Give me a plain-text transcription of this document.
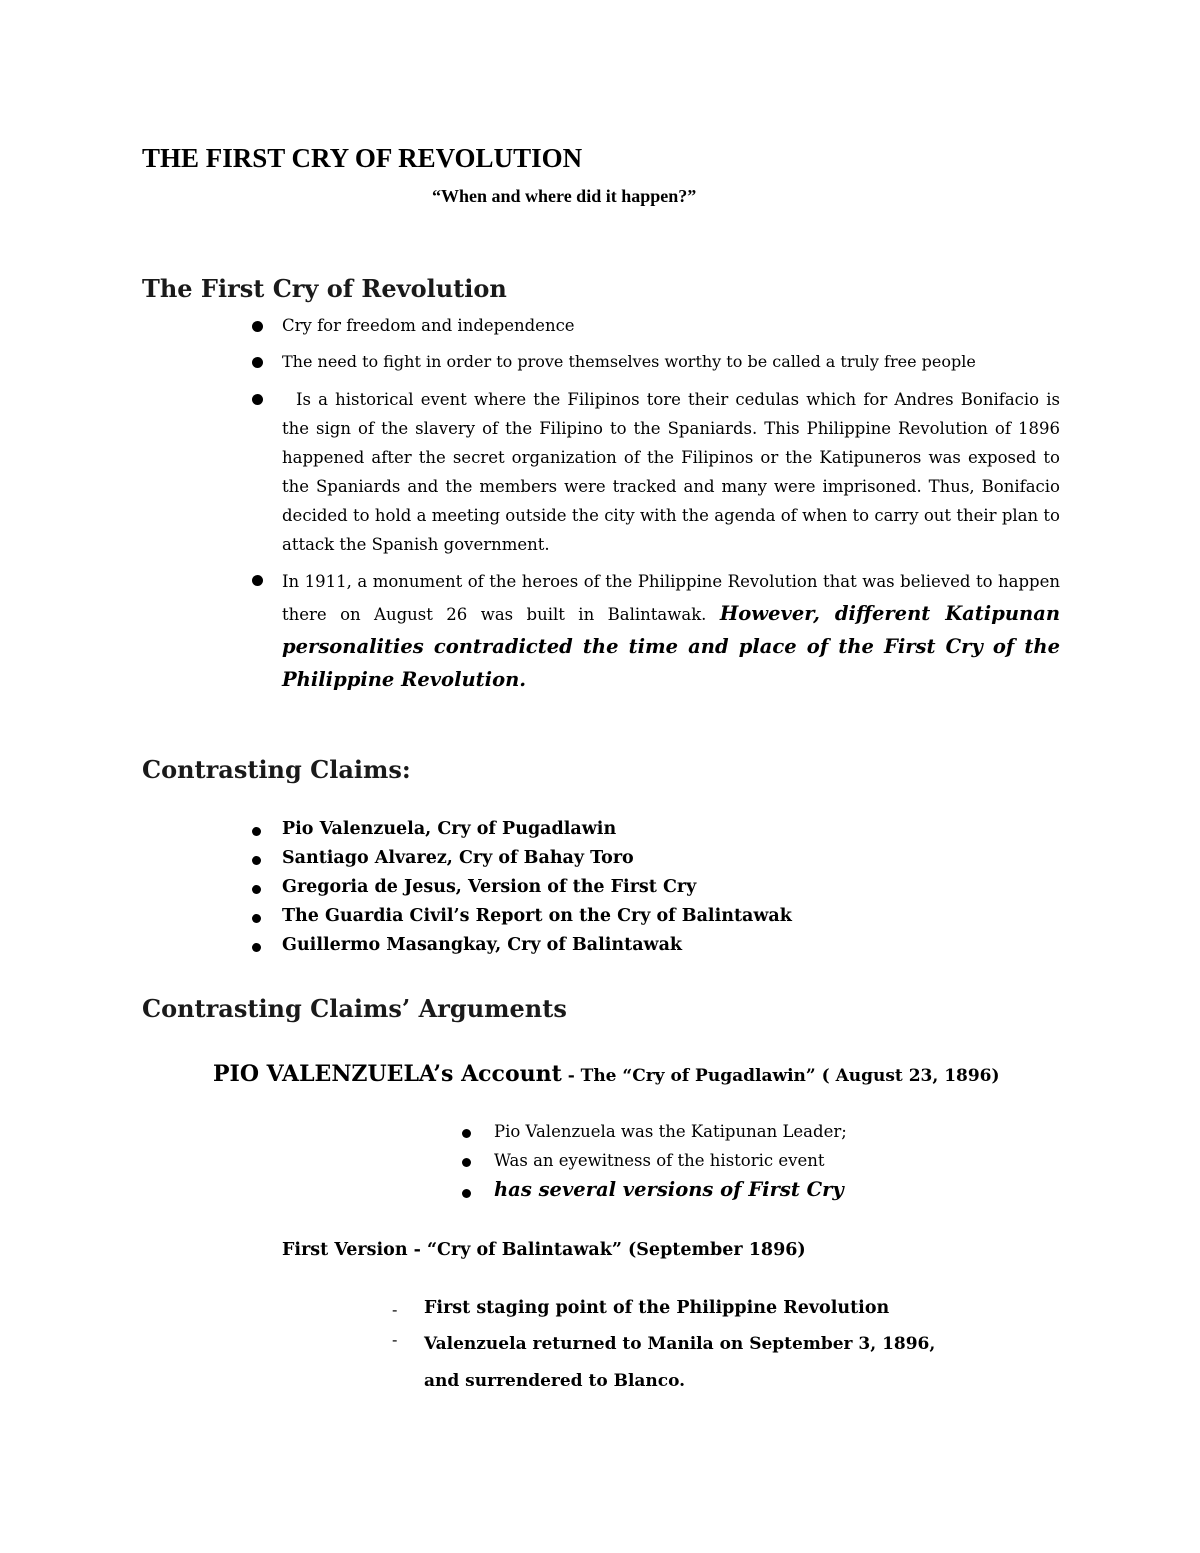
THE FIRST CRY OF REVOLUTION
“When and where did it happen?”
The First Cry of Revolution
Cry for freedom and independence
The need to fight in order to prove themselves worthy to be called a truly free people
Is a historical event where the Filipinos tore their cedulas which for Andres Bonifacio is the sign of the slavery of the Filipino to the Spaniards. This Philippine Revolution of 1896 happened after the secret organization of the Filipinos or the Katipuneros was exposed to the Spaniards and the members were tracked and many were imprisoned. Thus, Bonifacio decided to hold a meeting outside the city with the agenda of when to carry out their plan to attack the Spanish government.
In 1911, a monument of the heroes of the Philippine Revolution that was believed to happen there on August 26 was built in Balintawak. However, different Katipunan personalities contradicted the time and place of the First Cry of the Philippine Revolution.
Contrasting Claims:
Pio Valenzuela, Cry of Pugadlawin
Santiago Alvarez, Cry of Bahay Toro
Gregoria de Jesus, Version of the First Cry
The Guardia Civil’s Report on the Cry of Balintawak
Guillermo Masangkay, Cry of Balintawak
Contrasting Claims’ Arguments
PIO VALENZUELA’s Account - The “Cry of Pugadlawin” ( August 23, 1896)
Pio Valenzuela was the Katipunan Leader;
Was an eyewitness of the historic event
has several versions of First Cry
First Version - “Cry of Balintawak” (September 1896)
- First staging point of the Philippine Revolution
- Valenzuela returned to Manila on September 3, 1896, and surrendered to Blanco.
